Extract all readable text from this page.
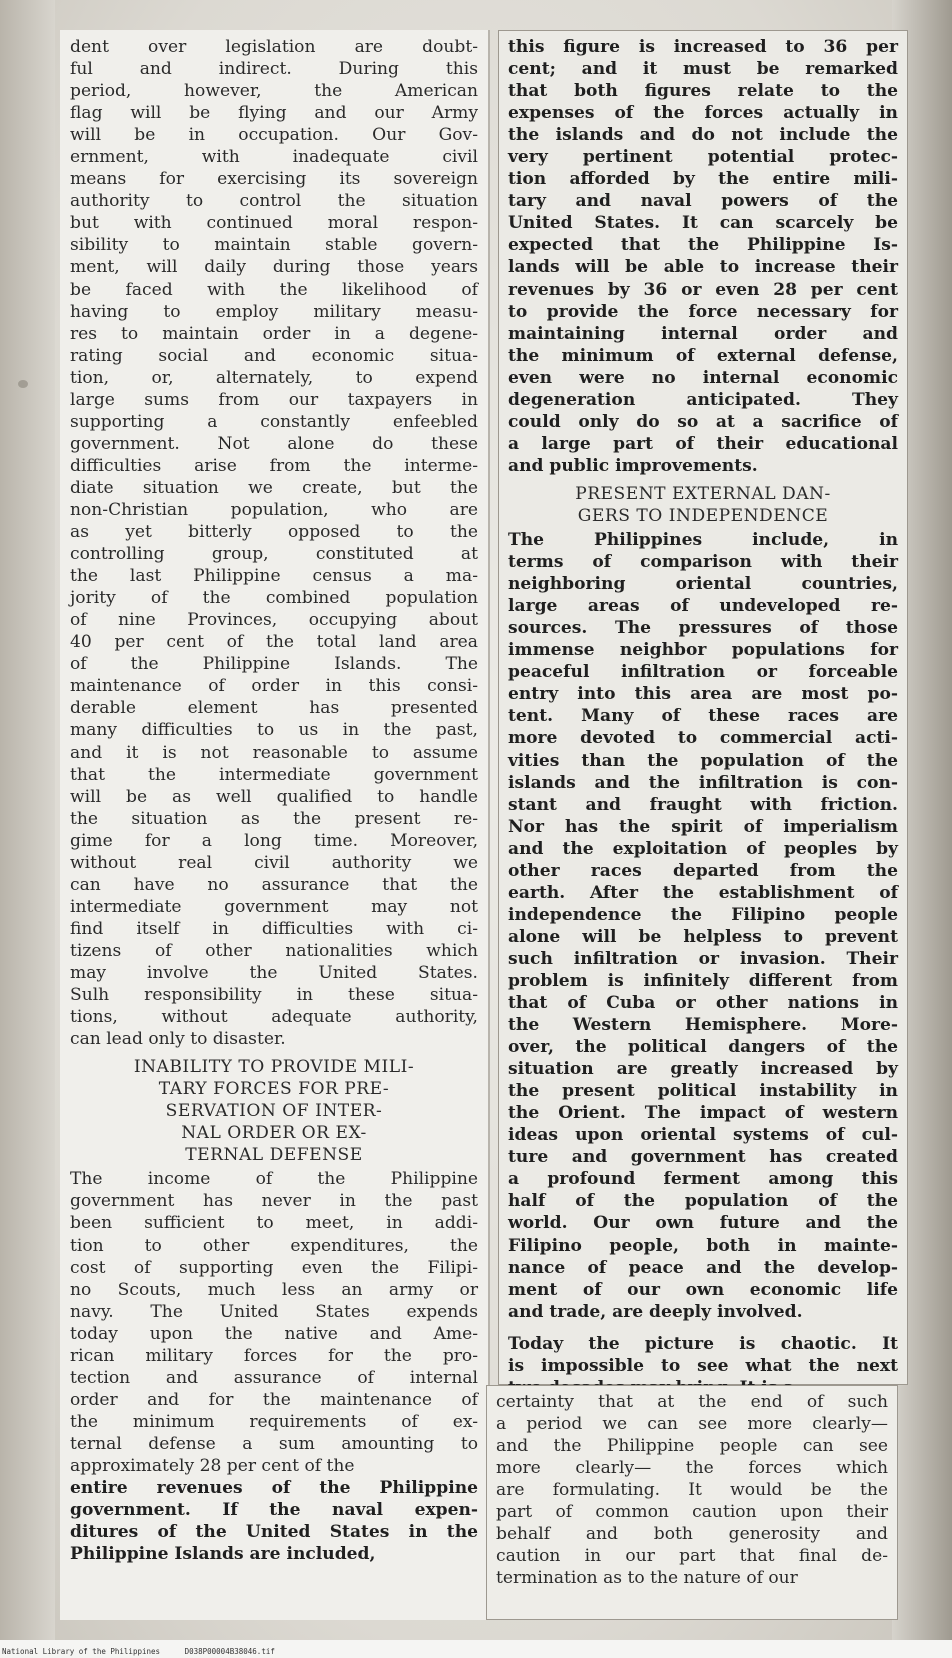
dent over legislation are doubt-
ful and indirect. During this
period, however, the American
flag will be flying and our Army
will be in occupation. Our Gov-
ernment, with inadequate civil
means for exercising its sovereign
authority to control the situation
but with continued moral respon-
sibility to maintain stable govern-
ment, will daily during those years
be faced with the likelihood of
having to employ military measu-
res to maintain order in a degene-
rating social and economic situa-
tion, or, alternately, to expend
large sums from our taxpayers in
supporting a constantly enfeebled
government. Not alone do these
difficulties arise from the interme-
diate situation we create, but the
non-Christian population, who are
as yet bitterly opposed to the
controlling group, constituted at
the last Philippine census a ma-
jority of the combined population
of nine Provinces, occupying about
40 per cent of the total land area
of the Philippine Islands. The
maintenance of order in this consi-
derable element has presented
many difficulties to us in the past,
and it is not reasonable to assume
that the intermediate government
will be as well qualified to handle
the situation as the present re-
gime for a long time. Moreover,
without real civil authority we
can have no assurance that the
intermediate government may not
find itself in difficulties with ci-
tizens of other nationalities which
may involve the United States.
Sulh responsibility in these situa-
tions, without adequate authority,
can lead only to disaster.
INABILITY TO PROVIDE MILI-
TARY FORCES FOR PRE-
SERVATION OF INTER-
NAL ORDER OR EX-
TERNAL DEFENSE
The income of the Philippine
government has never in the past
been sufficient to meet, in addi-
tion to other expenditures, the
cost of supporting even the Filipi-
no Scouts, much less an army or
navy. The United States expends
today upon the native and Ame-
rican military forces for the pro-
tection and assurance of internal
order and for the maintenance of
the minimum requirements of ex-
ternal defense a sum amounting to
approximately 28 per cent of the
entire revenues of the Philippine
government. If the naval expen-
ditures of the United States in the
Philippine Islands are included,
this figure is increased to 36 per
cent; and it must be remarked
that both figures relate to the
expenses of the forces actually in
the islands and do not include the
very pertinent potential protec-
tion afforded by the entire mili-
tary and naval powers of the
United States. It can scarcely be
expected that the Philippine Is-
lands will be able to increase their
revenues by 36 or even 28 per cent
to provide the force necessary for
maintaining internal order and
the minimum of external defense,
even were no internal economic
degeneration anticipated. They
could only do so at a sacrifice of
a large part of their educational
and public improvements.
PRESENT EXTERNAL DAN-
GERS TO INDEPENDENCE
The Philippines include, in
terms of comparison with their
neighboring oriental countries,
large areas of undeveloped re-
sources. The pressures of those
immense neighbor populations for
peaceful infiltration or forceable
entry into this area are most po-
tent. Many of these races are
more devoted to commercial acti-
vities than the population of the
islands and the infiltration is con-
stant and fraught with friction.
Nor has the spirit of imperialism
and the exploitation of peoples by
other races departed from the
earth. After the establishment of
independence the Filipino people
alone will be helpless to prevent
such infiltration or invasion. Their
problem is infinitely different from
that of Cuba or other nations in
the Western Hemisphere. More-
over, the political dangers of the
situation are greatly increased by
the present political instability in
the Orient. The impact of western
ideas upon oriental systems of cul-
ture and government has created
a profound ferment among this
half of the population of the
world. Our own future and the
Filipino people, both in mainte-
nance of peace and the develop-
ment of our own economic life
and trade, are deeply involved.
Today the picture is chaotic. It
is impossible to see what the next
certainty that at the end of such
a period we can see more clearly—
and the Philippine people can see
more clearly— the forces which
are formulating. It would be the
part of common caution upon their
behalf and both generosity and
caution in our part that final de-
termination as to the nature of our
National Library of the Philippines	D038P00004B38046.tif
